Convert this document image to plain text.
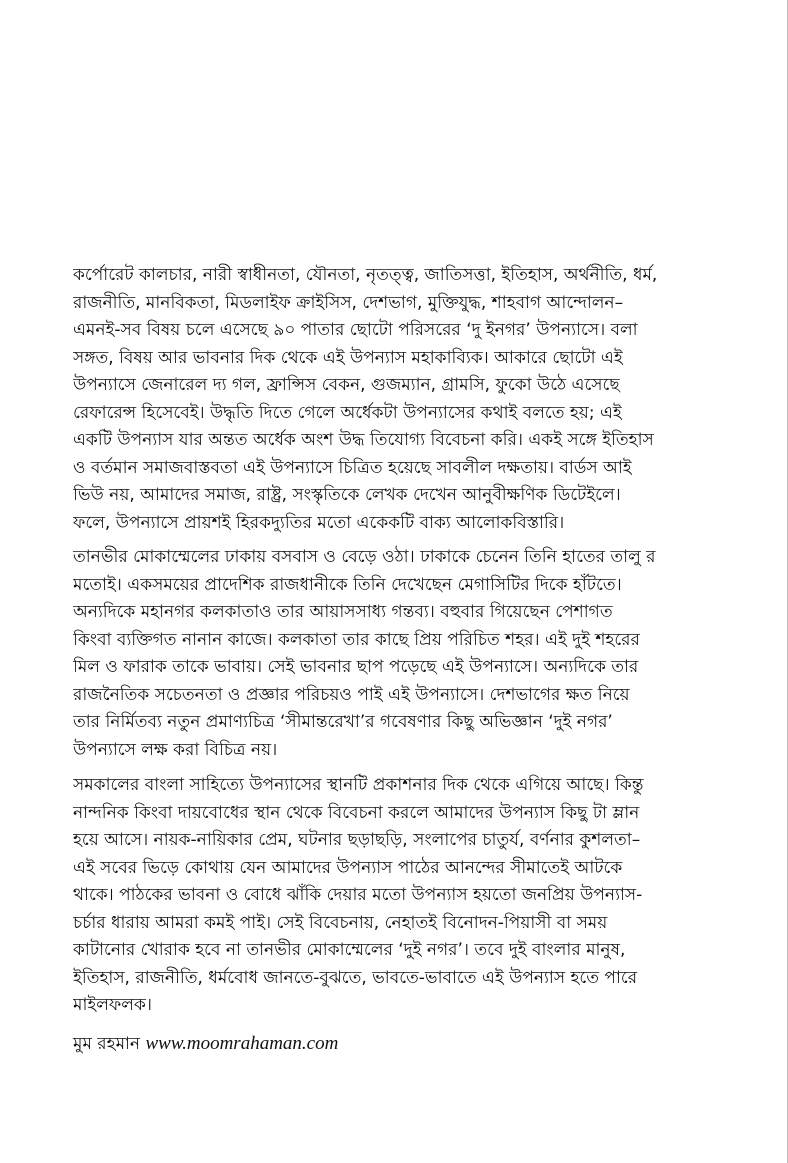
কর্পোরেট কালচার, নারী স্বাধীনতা, যৌনতা, নৃতত্ত্ব, জাতিসত্তা, ইতিহাস, অর্থনীতি, ধর্ম,
রাজনীতি, মানবিকতা, মিডলাইফ ক্রাইসিস, দেশভাগ, মুক্তিযুদ্ধ, শাহবাগ আন্দোলন–
এমনই-সব বিষয় চলে এসেছে ৯০ পাতার ছোটো পরিসরের ‘দু ইনগর’ উপন্যাসে। বলা
সঙ্গত, বিষয় আর ভাবনার দিক থেকে এই উপন্যাস মহাকাব্যিক। আকারে ছোটো এই
উপন্যাসে জেনারেল দ্য গল, ফ্রান্সিস বেকন, গুজম্যান, গ্রামসি, ফুকো উঠে এসেছে
রেফারেন্স হিসেবেই। উদ্ধৃতি দিতে গেলে অর্ধেকটা উপন্যাসের কথাই বলতে হয়; এই
একটি উপন্যাস যার অন্তত অর্ধেক অংশ উদ্ধ তিযোগ্য বিবেচনা করি। একই সঙ্গে ইতিহাস
ও বর্তমান সমাজবাস্তবতা এই উপন্যাসে চিত্রিত হয়েছে সাবলীল দক্ষতায়। বার্ডস আই
ভিউ নয়, আমাদের সমাজ, রাষ্ট্র, সংস্কৃতিকে লেখক দেখেন আনুবীক্ষণিক ডিটেইলে।
ফলে, উপন্যাসে প্রায়শই হিরকদ্যুতির মতো একেকটি বাক্য আলোকবিস্তারি।

তানভীর মোকাম্মেলের ঢাকায় বসবাস ও বেড়ে ওঠা। ঢাকাকে চেনেন তিনি হাতের তালু র
মতোই। একসময়ের প্রাদেশিক রাজধানীকে তিনি দেখেছেন মেগাসিটির দিকে হাঁটতে।
অন্যদিকে মহানগর কলকাতাও তার আয়াসসাধ্য গন্তব্য। বহুবার গিয়েছেন পেশাগত
কিংবা ব্যক্তিগত নানান কাজে। কলকাতা তার কাছে প্রিয় পরিচিত শহর। এই দুই শহরের
মিল ও ফারাক তাকে ভাবায়। সেই ভাবনার ছাপ পড়েছে এই উপন্যাসে। অন্যদিকে তার
রাজনৈতিক সচেতনতা ও প্রজ্ঞার পরিচয়ও পাই এই উপন্যাসে। দেশভাগের ক্ষত নিয়ে
তার নির্মিতব্য নতুন প্রমাণ্যচিত্র ‘সীমান্তরেখা’র গবেষণার কিছু অভিজ্ঞান ‘দুই নগর’
উপন্যাসে লক্ষ করা বিচিত্র নয়।

সমকালের বাংলা সাহিত্যে উপন্যাসের স্থানটি প্রকাশনার দিক থেকে এগিয়ে আছে। কিন্তু
নান্দনিক কিংবা দায়বোধের স্থান থেকে বিবেচনা করলে আমাদের উপন্যাস কিছু টা ম্লান
হয়ে আসে। নায়ক-নায়িকার প্রেম, ঘটনার ছড়াছড়ি, সংলাপের চাতুর্য, বর্ণনার কুশলতা–
এই সবের ভিড়ে কোথায় যেন আমাদের উপন্যাস পাঠের আনন্দের সীমাতেই আটকে
থাকে। পাঠকের ভাবনা ও বোধে ঝাঁকি দেয়ার মতো উপন্যাস হয়তো জনপ্রিয় উপন্যাস-
চর্চার ধারায় আমরা কমই পাই। সেই বিবেচনায়, নেহাতই বিনোদন-পিয়াসী বা সময়
কাটানোর খোরাক হবে না তানভীর মোকাম্মেলের ‘দুই নগর’। তবে দুই বাংলার মানুষ,
ইতিহাস, রাজনীতি, ধর্মবোধ জানতে-বুঝতে, ভাবতে-ভাবাতে এই উপন্যাস হতে পারে
মাইলফলক।

মুম রহমান www.moomrahaman.com
